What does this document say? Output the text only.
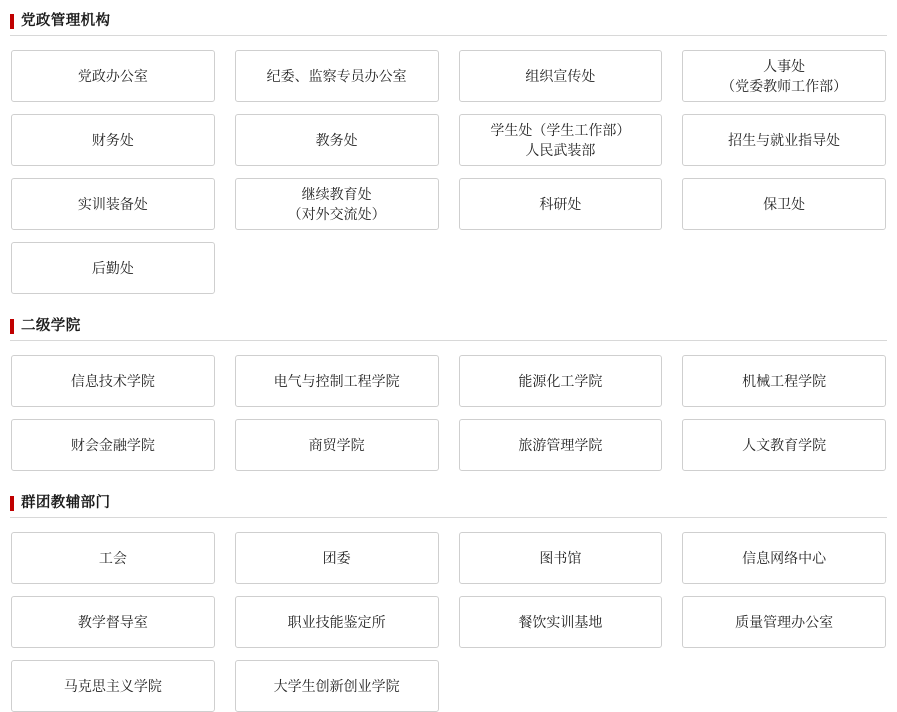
党政管理机构
党政办公室	纪委、监察专员办公室	组织宣传处
人事处
（党委教师工作部）
财务处	教务处
学生处（学生工作部）
人民武装部
招生与就业指导处
实训装备处
继续教育处
（对外交流处）
科研处	保卫处
后勤处
二级学院
信息技术学院	电气与控制工程学院	能源化工学院	机械工程学院
财会金融学院	商贸学院	旅游管理学院	人文教育学院
群团教辅部门
工会	团委	图书馆	信息网络中心
教学督导室	职业技能鉴定所	餐饮实训基地	质量管理办公室
马克思主义学院	大学生创新创业学院
